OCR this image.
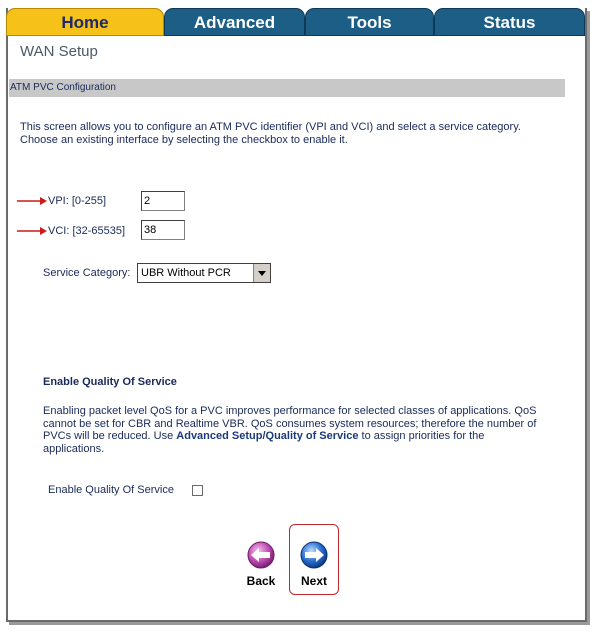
Home	Advanced	Tools	Status
WAN Setup
ATM PVC Configuration
This screen allows you to configure an ATM PVC identifier (VPI and VCI) and select a service category. Choose an existing interface by selecting the checkbox to enable it.
VPI: [0-255]
2
VCI: [32-65535]
38
Service Category: UBR Without PCR
Enable Quality Of Service
Enabling packet level QoS for a PVC improves performance for selected classes of applications. QoS cannot be set for CBR and Realtime VBR. QoS consumes system resources; therefore the number of PVCs will be reduced. Use Advanced Setup/Quality of Service to assign priorities for the applications.
Enable Quality Of Service
Back	Next
